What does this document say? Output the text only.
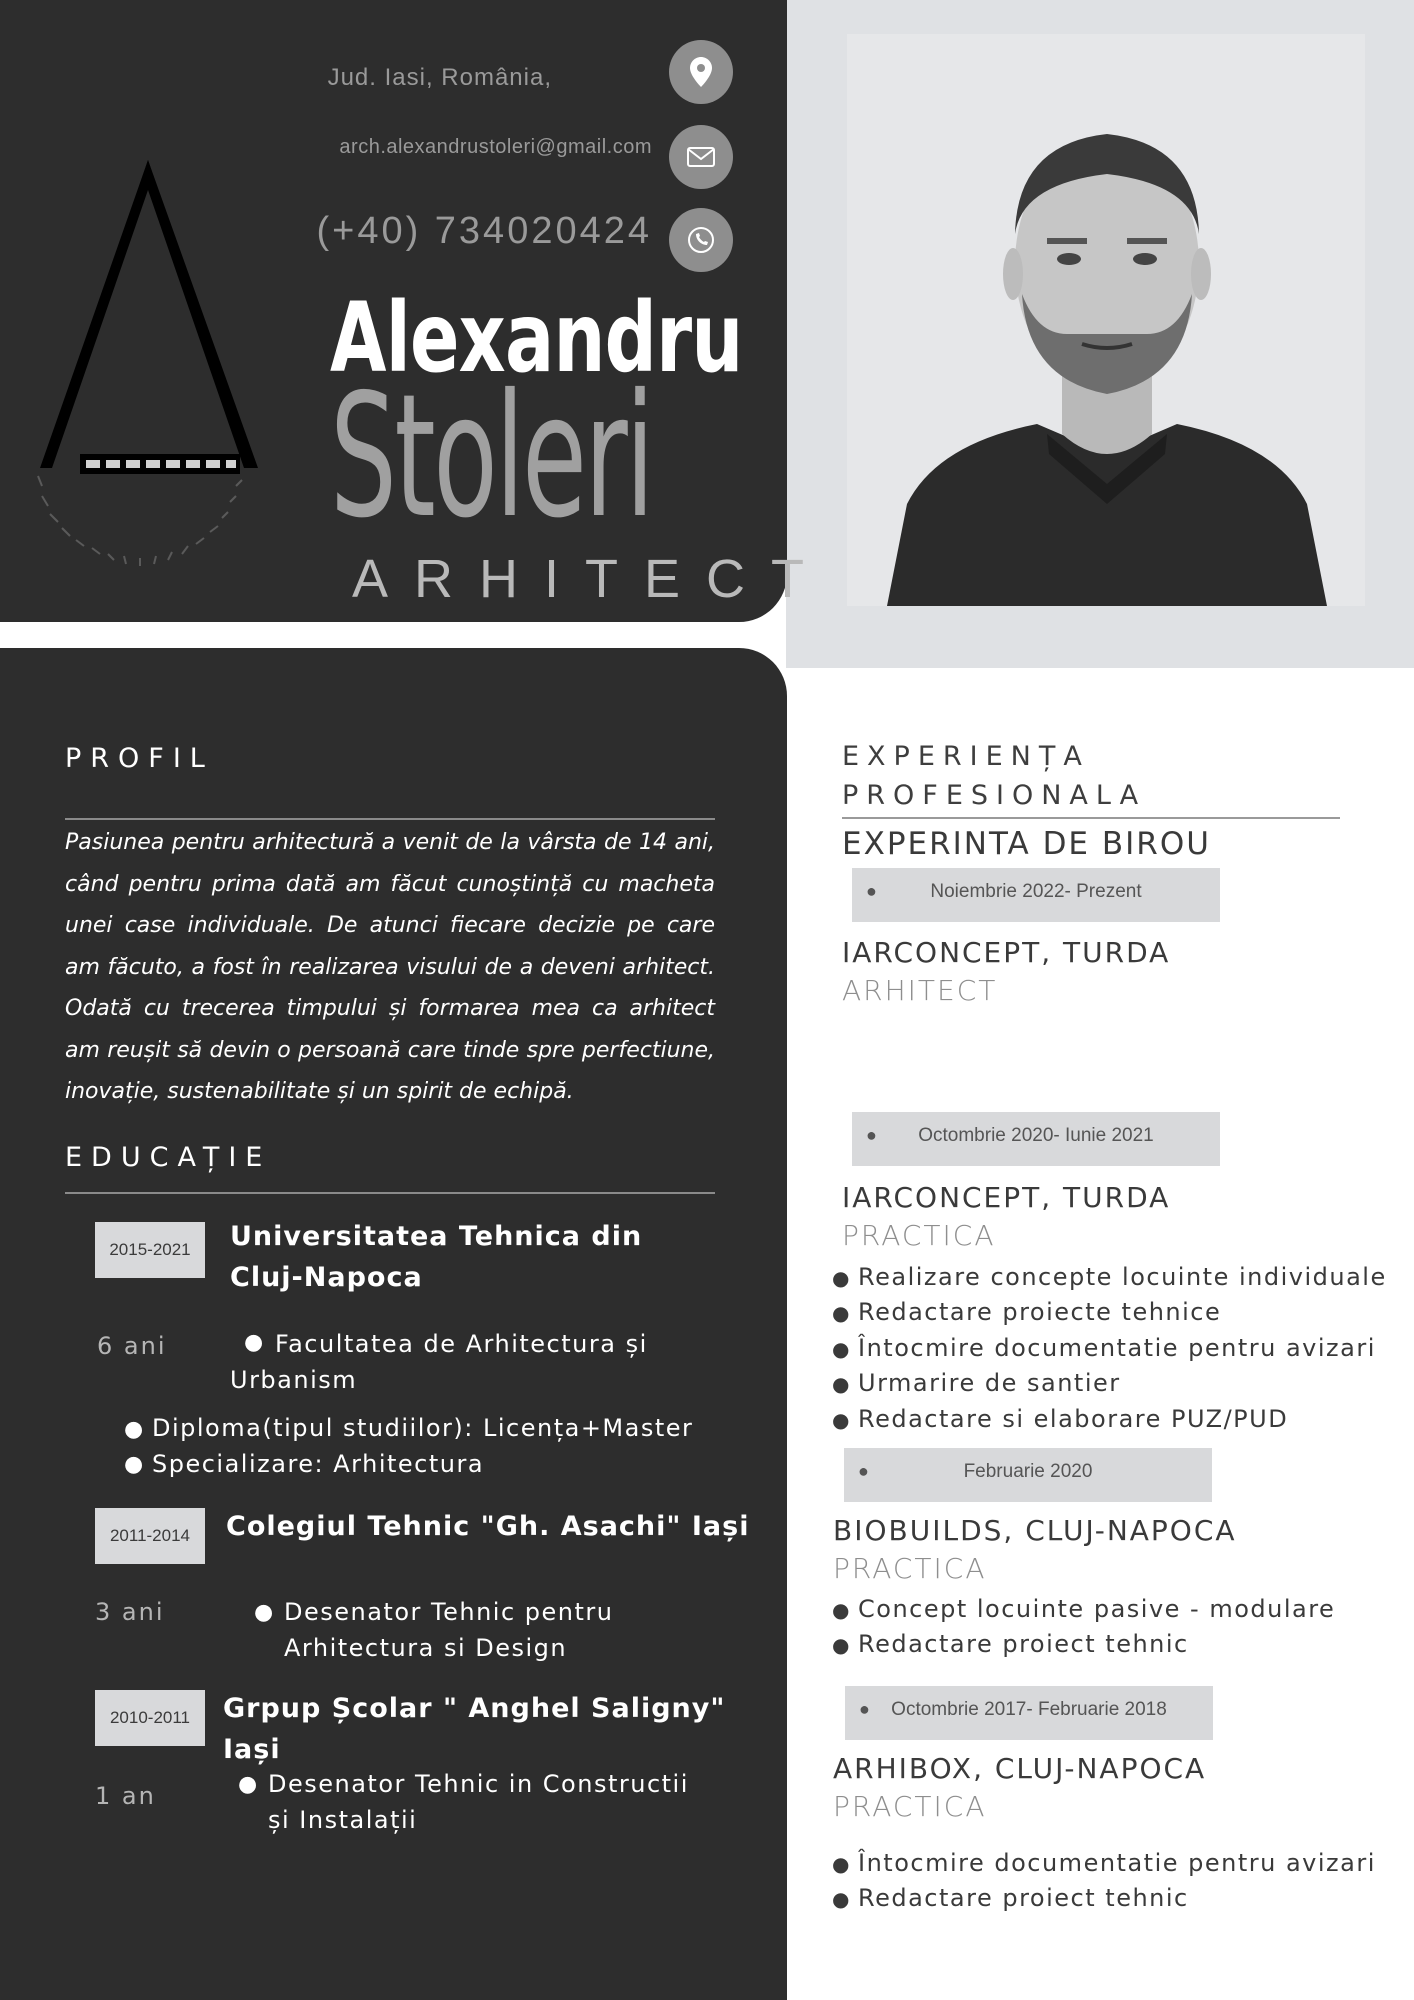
Jud. Iasi, România,
arch.alexandrustoleri@gmail.com
(+40) 734020424
Alexandru
Stoleri
ARHITECT
PROFIL
Pasiunea pentru arhitectură a venit de la vârsta de 14 ani, când pentru prima dată am făcut cunoștință cu macheta unei case individuale. De atunci fiecare decizie pe care am făcuto, a fost în realizarea visului de a deveni arhitect. Odată cu trecerea timpului și formarea mea ca arhitect am reușit să devin o persoană care tinde spre perfectiune, inovație, sustenabilitate și un spirit de echipă.
EDUCAȚIE
2015-2021	Universitatea Tehnica din
Cluj-Napoca
6 ani	● Facultatea de Arhitectura și
Urbanism
● Diploma(tipul studiilor): Licența+Master
● Specializare: Arhitectura
2011-2014	Colegiul Tehnic "Gh. Asachi" Iași
3 ani	● Desenator Tehnic pentru
Arhitectura si Design
2010-2011	Grpup Școlar " Anghel Saligny"
Iași
1 an	● Desenator Tehnic in Constructii
și Instalații
EXPERIENȚA
PROFESIONALA
EXPERINTA DE BIROU
●	Noiembrie 2022- Prezent
IARCONCEPT, TURDA
ARHITECT
●	Octombrie 2020- Iunie 2021
IARCONCEPT, TURDA
PRACTICA
● Realizare concepte locuinte individuale
● Redactare proiecte tehnice
● Întocmire documentatie pentru avizari
● Urmarire de santier
● Redactare si elaborare PUZ/PUD
●	Februarie 2020
BIOBUILDS, CLUJ-NAPOCA
PRACTICA
● Concept locuinte pasive - modulare
● Redactare proiect tehnic
●	Octombrie 2017- Februarie 2018
ARHIBOX, CLUJ-NAPOCA
PRACTICA
● Întocmire documentatie pentru avizari
● Redactare proiect tehnic
